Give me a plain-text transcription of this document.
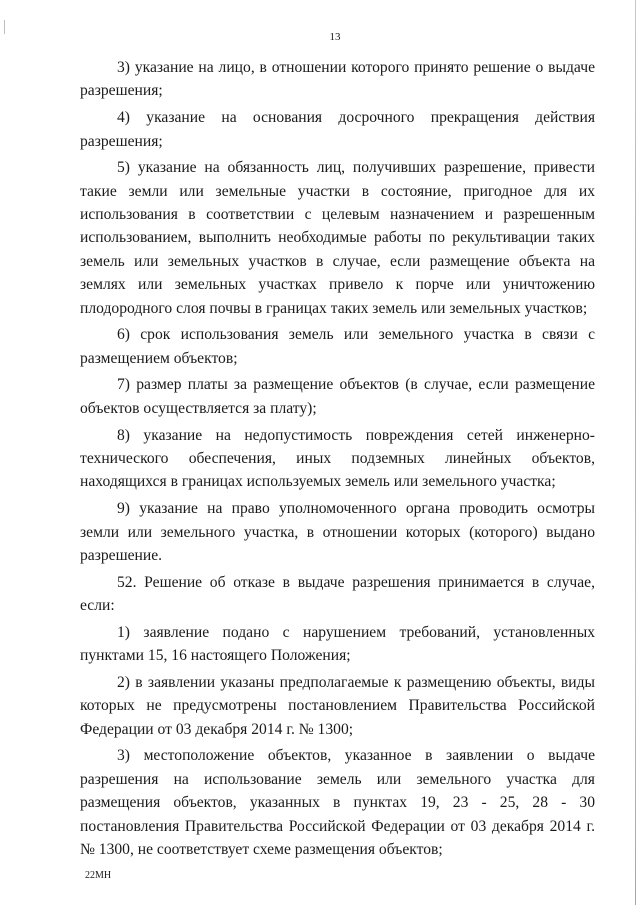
13

3) указание на лицо, в отношении которого принято решение о выдаче разрешения;

4) указание на основания досрочного прекращения действия разрешения;

5) указание на обязанность лиц, получивших разрешение, привести такие земли или земельные участки в состояние, пригодное для их использования в соответствии с целевым назначением и разрешенным использованием, выполнить необходимые работы по рекультивации таких земель или земельных участков в случае, если размещение объекта на землях или земельных участках привело к порче или уничтожению плодородного слоя почвы в границах таких земель или земельных участков;

6) срок использования земель или земельного участка в связи с размещением объектов;

7) размер платы за размещение объектов (в случае, если размещение объектов осуществляется за плату);

8) указание на недопустимость повреждения сетей инженерно-технического обеспечения, иных подземных линейных объектов, находящихся в границах используемых земель или земельного участка;

9) указание на право уполномоченного органа проводить осмотры земли или земельного участка, в отношении которых (которого) выдано разрешение.

52. Решение об отказе в выдаче разрешения принимается в случае, если:

1) заявление подано с нарушением требований, установленных пунктами 15, 16 настоящего Положения;

2) в заявлении указаны предполагаемые к размещению объекты, виды которых не предусмотрены постановлением Правительства Российской Федерации от 03 декабря 2014 г. № 1300;

3) местоположение объектов, указанное в заявлении о выдаче разрешения на использование земель или земельного участка для размещения объектов, указанных в пунктах 19, 23 - 25, 28 - 30 постановления Правительства Российской Федерации от 03 декабря 2014 г. № 1300, не соответствует схеме размещения объектов;

22МН
